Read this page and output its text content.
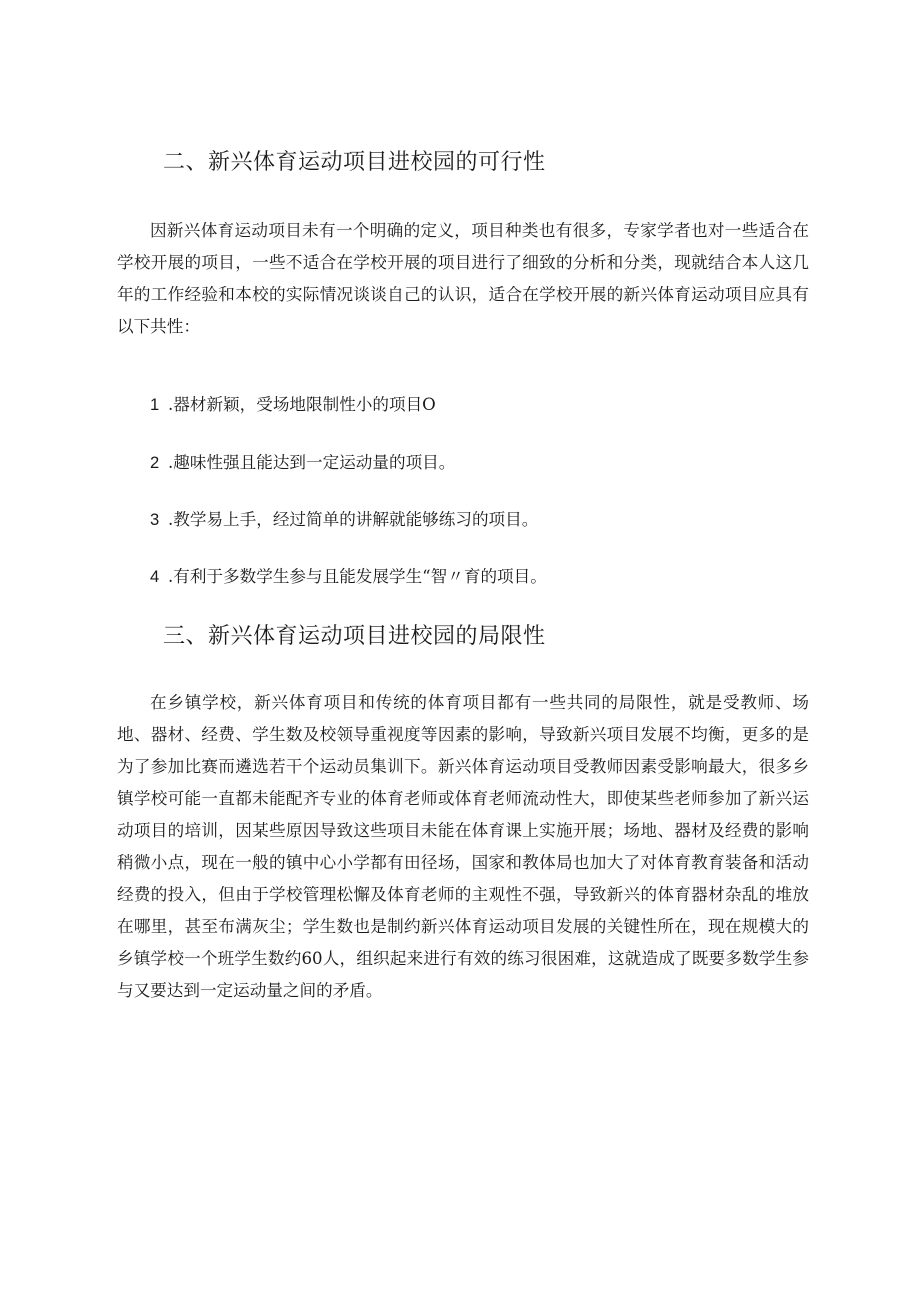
二、新兴体育运动项目进校园的可行性

因新兴体育运动项目未有一个明确的定义，项目种类也有很多，专家学者也对一些适合在学校开展的项目，一些不适合在学校开展的项目进行了细致的分析和分类，现就结合本人这几年的工作经验和本校的实际情况谈谈自己的认识，适合在学校开展的新兴体育运动项目应具有以下共性：

1 .器材新颖，受场地限制性小的项目O
2 .趣味性强且能达到一定运动量的项目。
3 .教学易上手，经过简单的讲解就能够练习的项目。
4 .有利于多数学生参与且能发展学生“智〃育的项目。
三、新兴体育运动项目进校园的局限性

在乡镇学校，新兴体育项目和传统的体育项目都有一些共同的局限性，就是受教师、场地、器材、经费、学生数及校领导重视度等因素的影响，导致新兴项目发展不均衡，更多的是为了参加比赛而遴选若干个运动员集训下。新兴体育运动项目受教师因素受影响最大，很多乡镇学校可能一直都未能配齐专业的体育老师或体育老师流动性大，即使某些老师参加了新兴运动项目的培训，因某些原因导致这些项目未能在体育课上实施开展；场地、器材及经费的影响稍微小点，现在一般的镇中心小学都有田径场，国家和教体局也加大了对体育教育装备和活动经费的投入，但由于学校管理松懈及体育老师的主观性不强，导致新兴的体育器材杂乱的堆放在哪里，甚至布满灰尘；学生数也是制约新兴体育运动项目发展的关键性所在，现在规模大的乡镇学校一个班学生数约60人，组织起来进行有效的练习很困难，这就造成了既要多数学生参与又要达到一定运动量之间的矛盾。
